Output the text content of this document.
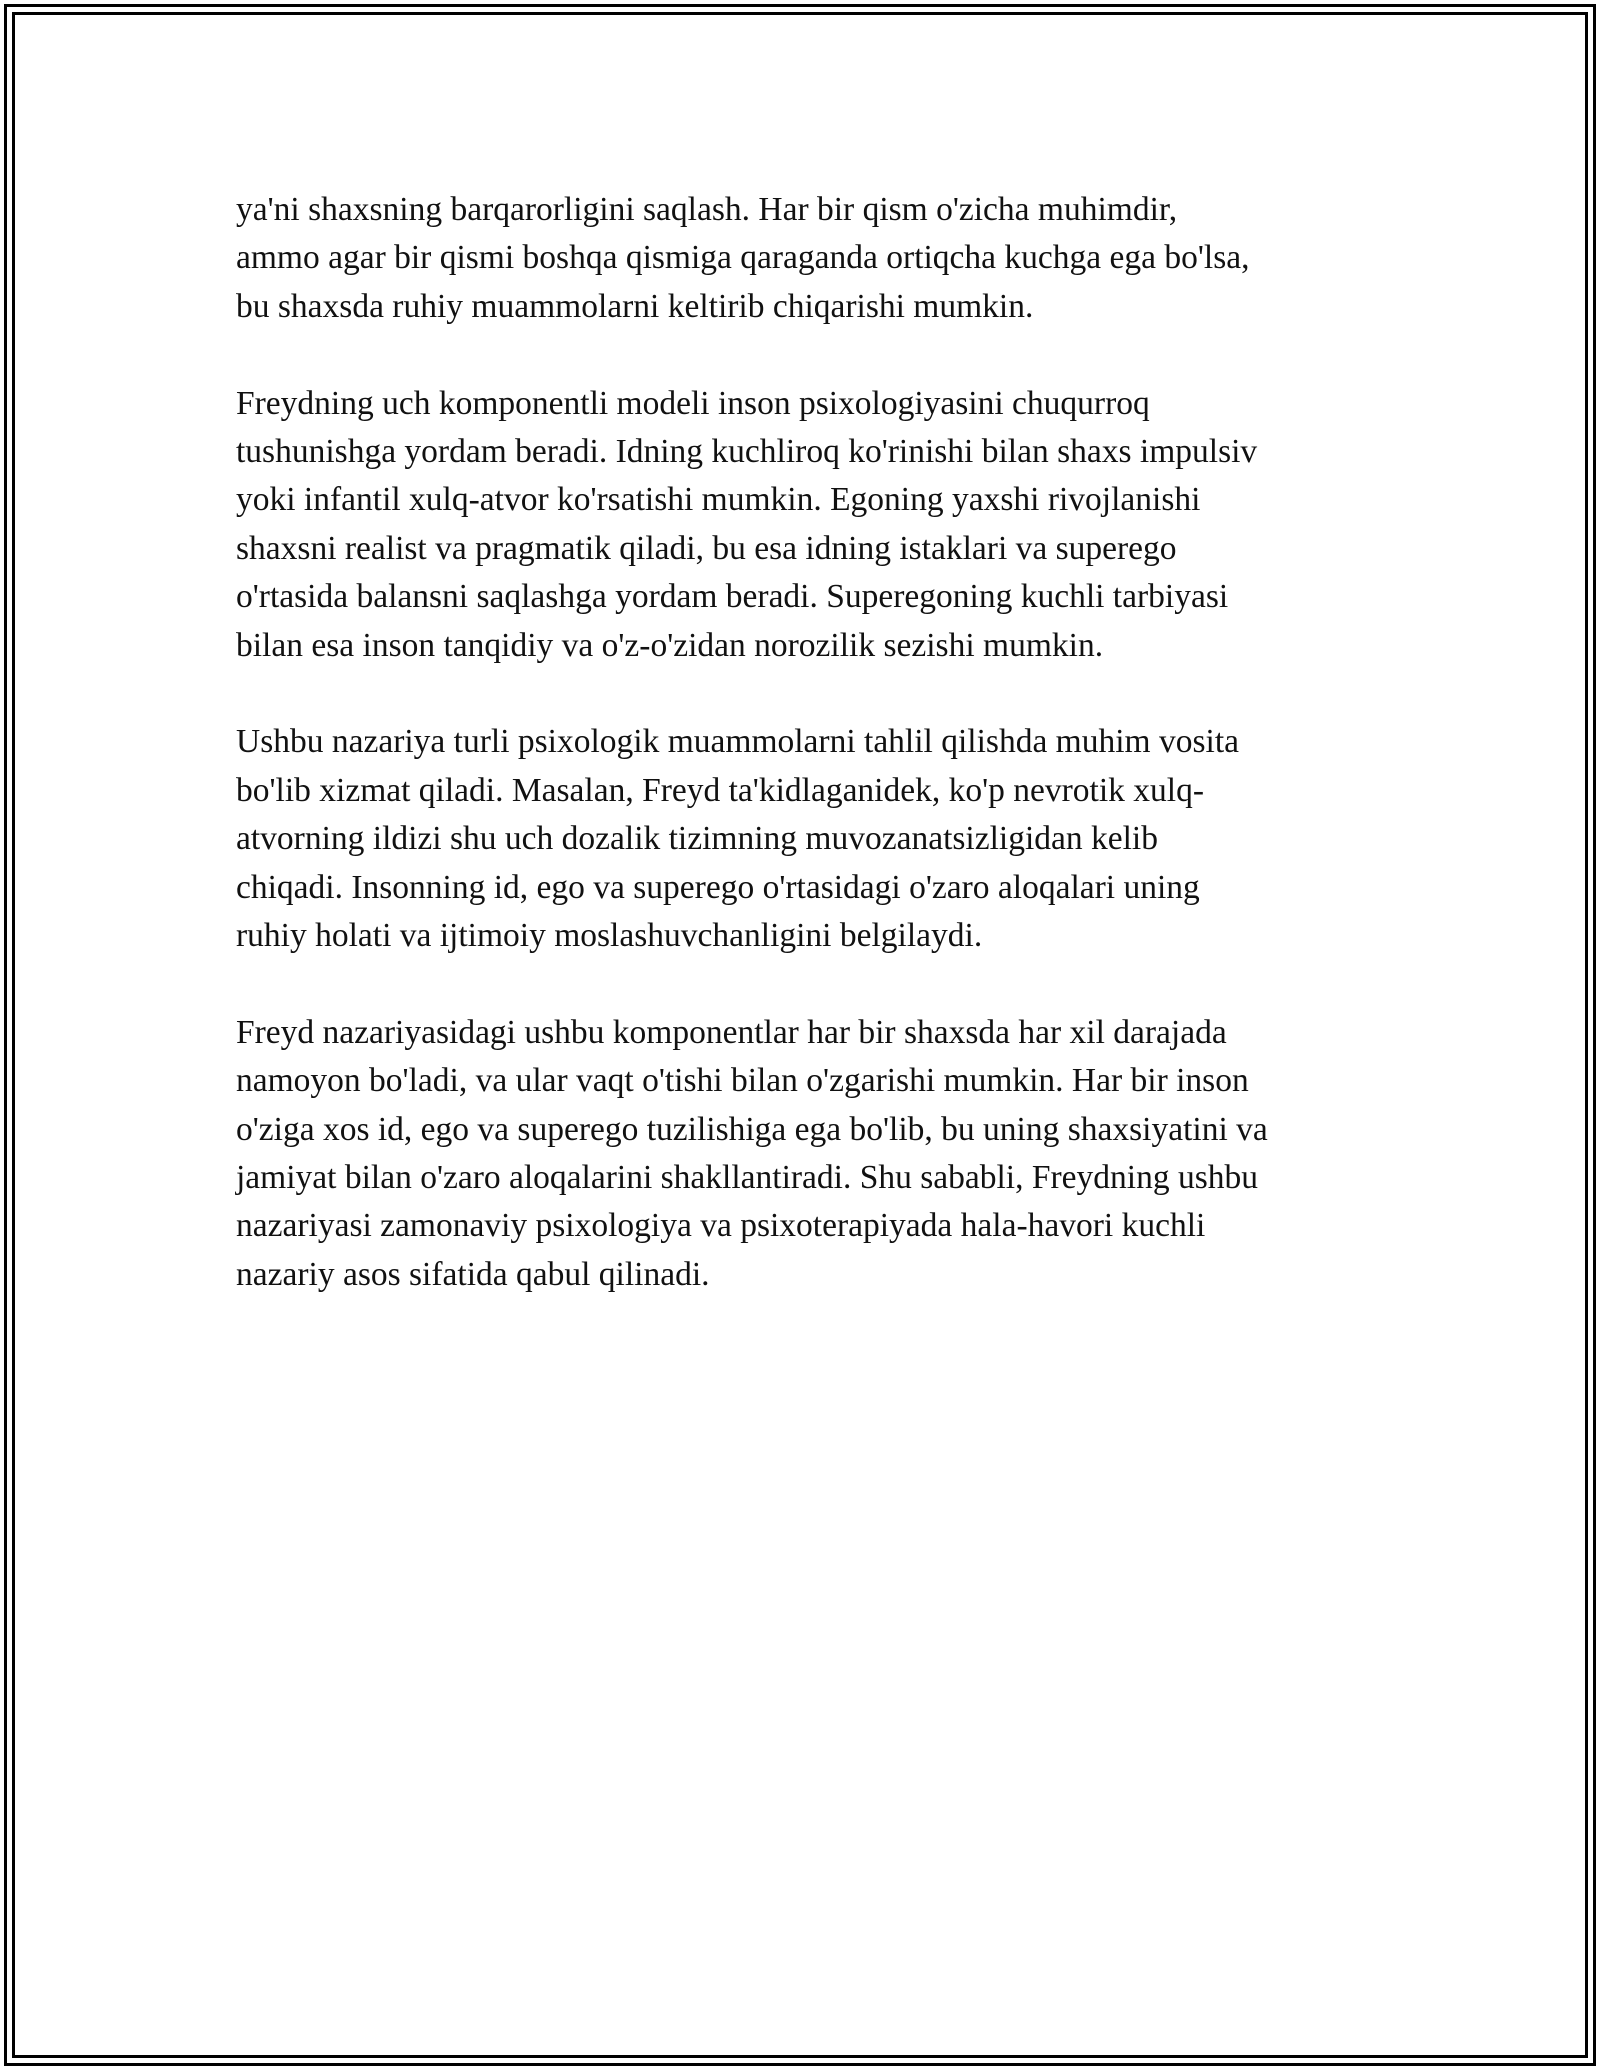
ya'ni shaxsning barqarorligini saqlash. Har bir qism o'zicha muhimdir,
ammo agar bir qismi boshqa qismiga qaraganda ortiqcha kuchga ega bo'lsa,
bu shaxsda ruhiy muammolarni keltirib chiqarishi mumkin.

Freydning uch komponentli modeli inson psixologiyasini chuqurroq
tushunishga yordam beradi. Idning kuchliroq ko'rinishi bilan shaxs impulsiv
yoki infantil xulq-atvor ko'rsatishi mumkin. Egoning yaxshi rivojlanishi
shaxsni realist va pragmatik qiladi, bu esa idning istaklari va superego
o'rtasida balansni saqlashga yordam beradi. Superegoning kuchli tarbiyasi
bilan esa inson tanqidiy va o'z-o'zidan norozilik sezishi mumkin.

Ushbu nazariya turli psixologik muammolarni tahlil qilishda muhim vosita
bo'lib xizmat qiladi. Masalan, Freyd ta'kidlaganidek, ko'p nevrotik xulq-
atvorning ildizi shu uch dozalik tizimning muvozanatsizligidan kelib
chiqadi. Insonning id, ego va superego o'rtasidagi o'zaro aloqalari uning
ruhiy holati va ijtimoiy moslashuvchanligini belgilaydi.

Freyd nazariyasidagi ushbu komponentlar har bir shaxsda har xil darajada
namoyon bo'ladi, va ular vaqt o'tishi bilan o'zgarishi mumkin. Har bir inson
o'ziga xos id, ego va superego tuzilishiga ega bo'lib, bu uning shaxsiyatini va
jamiyat bilan o'zaro aloqalarini shakllantiradi. Shu sababli, Freydning ushbu
nazariyasi zamonaviy psixologiya va psixoterapiyada hala-havori kuchli
nazariy asos sifatida qabul qilinadi.
